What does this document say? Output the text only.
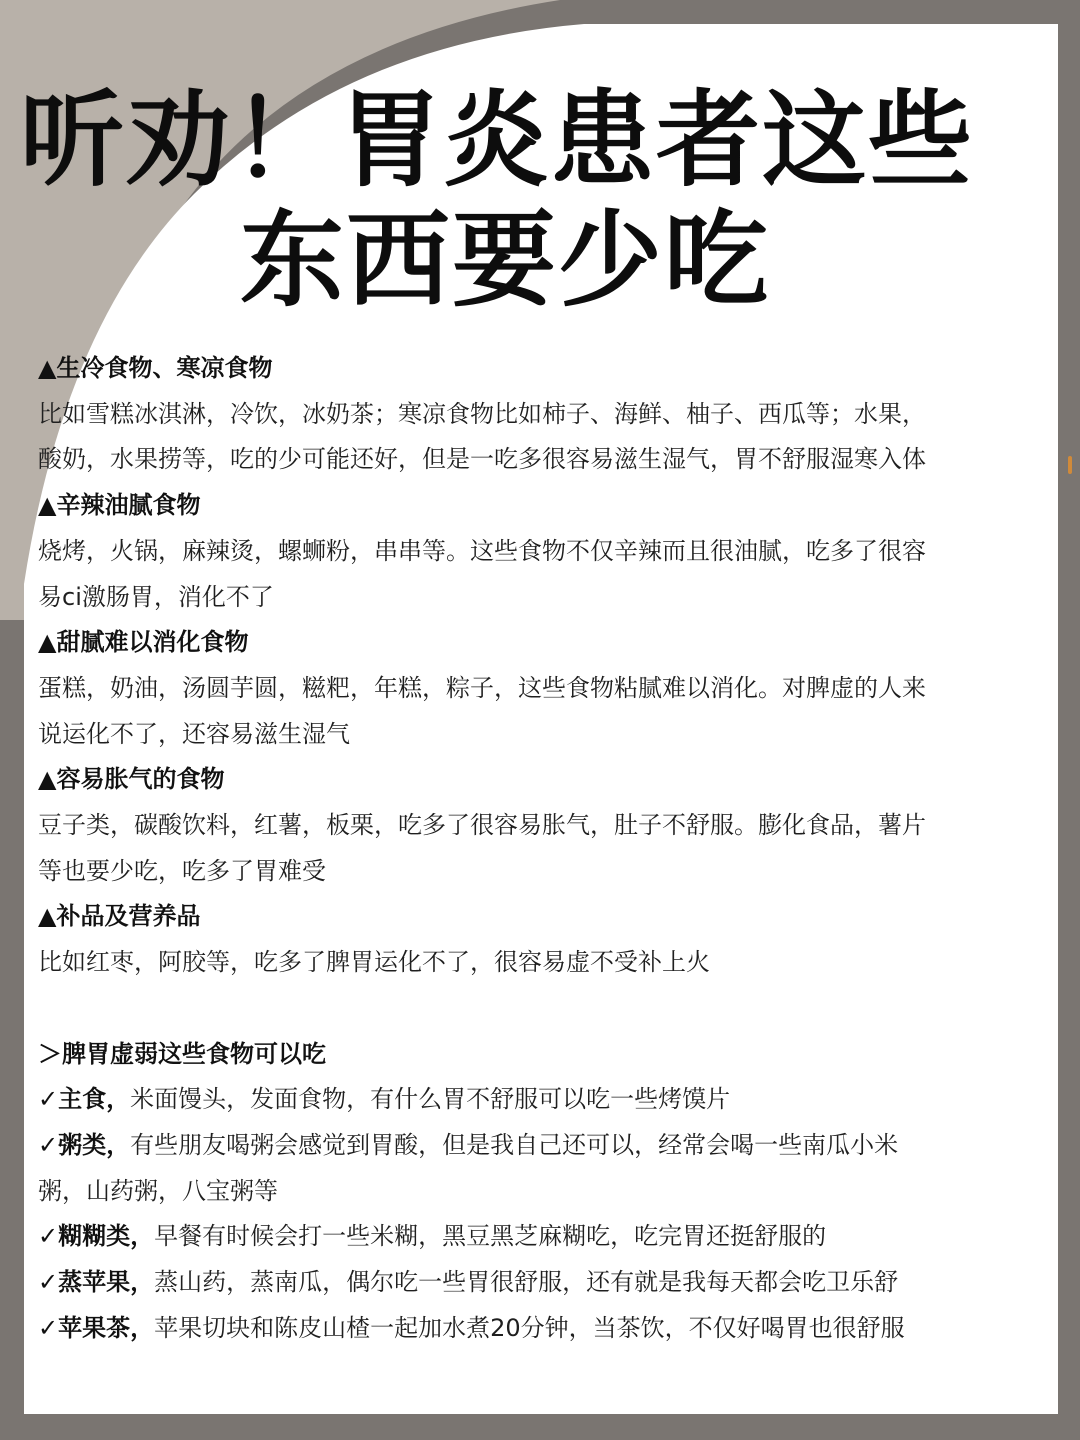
听劝！胃炎患者这些
东西要少吃

▲生冷食物、寒凉食物

比如雪糕冰淇淋，冷饮，冰奶茶；寒凉食物比如柿子、海鲜、柚子、西瓜等；水果，

酸奶，水果捞等，吃的少可能还好，但是一吃多很容易滋生湿气，胃不舒服湿寒入体

▲辛辣油腻食物

烧烤，火锅，麻辣烫，螺蛳粉，串串等。这些食物不仅辛辣而且很油腻，吃多了很容

易ci激肠胃，消化不了

▲甜腻难以消化食物

蛋糕，奶油，汤圆芋圆，糍粑，年糕，粽子，这些食物粘腻难以消化。对脾虚的人来

说运化不了，还容易滋生湿气

▲容易胀气的食物

豆子类，碳酸饮料，红薯，板栗，吃多了很容易胀气，肚子不舒服。膨化食品，薯片

等也要少吃，吃多了胃难受

▲补品及营养品

比如红枣，阿胶等，吃多了脾胃运化不了，很容易虚不受补上火

＞脾胃虚弱这些食物可以吃

✓主食，米面馒头，发面食物，有什么胃不舒服可以吃一些烤馍片

✓粥类，有些朋友喝粥会感觉到胃酸，但是我自己还可以，经常会喝一些南瓜小米

粥，山药粥，八宝粥等

✓糊糊类，早餐有时候会打一些米糊，黑豆黑芝麻糊吃，吃完胃还挺舒服的

✓蒸苹果，蒸山药，蒸南瓜，偶尔吃一些胃很舒服，还有就是我每天都会吃卫乐舒

✓苹果茶，苹果切块和陈皮山楂一起加水煮20分钟，当茶饮，不仅好喝胃也很舒服
